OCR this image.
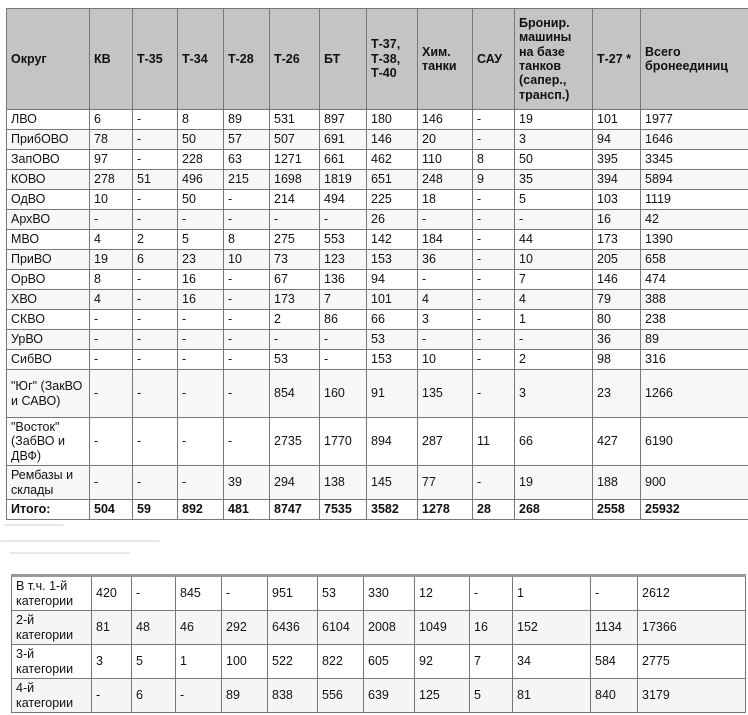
Округ	КВ	Т-35	Т-34	Т-28	Т-26	БТ	Т-37, Т-38, Т-40	Хим. танки	САУ	Бронир. машины на базе танков (сапер., трансп.)	Т-27 *	Всего бронеединиц
ЛВО	6	-	8	89	531	897	180	146	-	19	101	1977
ПрибОВО	78	-	50	57	507	691	146	20	-	3	94	1646
ЗапОВО	97	-	228	63	1271	661	462	110	8	50	395	3345
КОВО	278	51	496	215	1698	1819	651	248	9	35	394	5894
ОдВО	10	-	50	-	214	494	225	18	-	5	103	1119
АрхВО	-	-	-	-	-	-	26	-	-	-	16	42
МВО	4	2	5	8	275	553	142	184	-	44	173	1390
ПриВО	19	6	23	10	73	123	153	36	-	10	205	658
ОрВО	8	-	16	-	67	136	94	-	-	7	146	474
ХВО	4	-	16	-	173	7	101	4	-	4	79	388
СКВО	-	-	-	-	2	86	66	3	-	1	80	238
УрВО	-	-	-	-	-	-	53	-	-	-	36	89
СибВО	-	-	-	-	53	-	153	10	-	2	98	316
"Юг" (ЗакВО и САВО)	-	-	-	-	854	160	91	135	-	3	23	1266
"Восток" (ЗабВО и ДВФ)	-	-	-	-	2735	1770	894	287	11	66	427	6190
Рембазы и склады	-	-	-	39	294	138	145	77	-	19	188	900
Итого:	504	59	892	481	8747	7535	3582	1278	28	268	2558	25932
В т.ч. 1-й категории	420	-	845	-	951	53	330	12	-	1	-	2612
2-й категории	81	48	46	292	6436	6104	2008	1049	16	152	1134	17366
3-й категории	3	5	1	100	522	822	605	92	7	34	584	2775
4-й категории	-	6	-	89	838	556	639	125	5	81	840	3179
